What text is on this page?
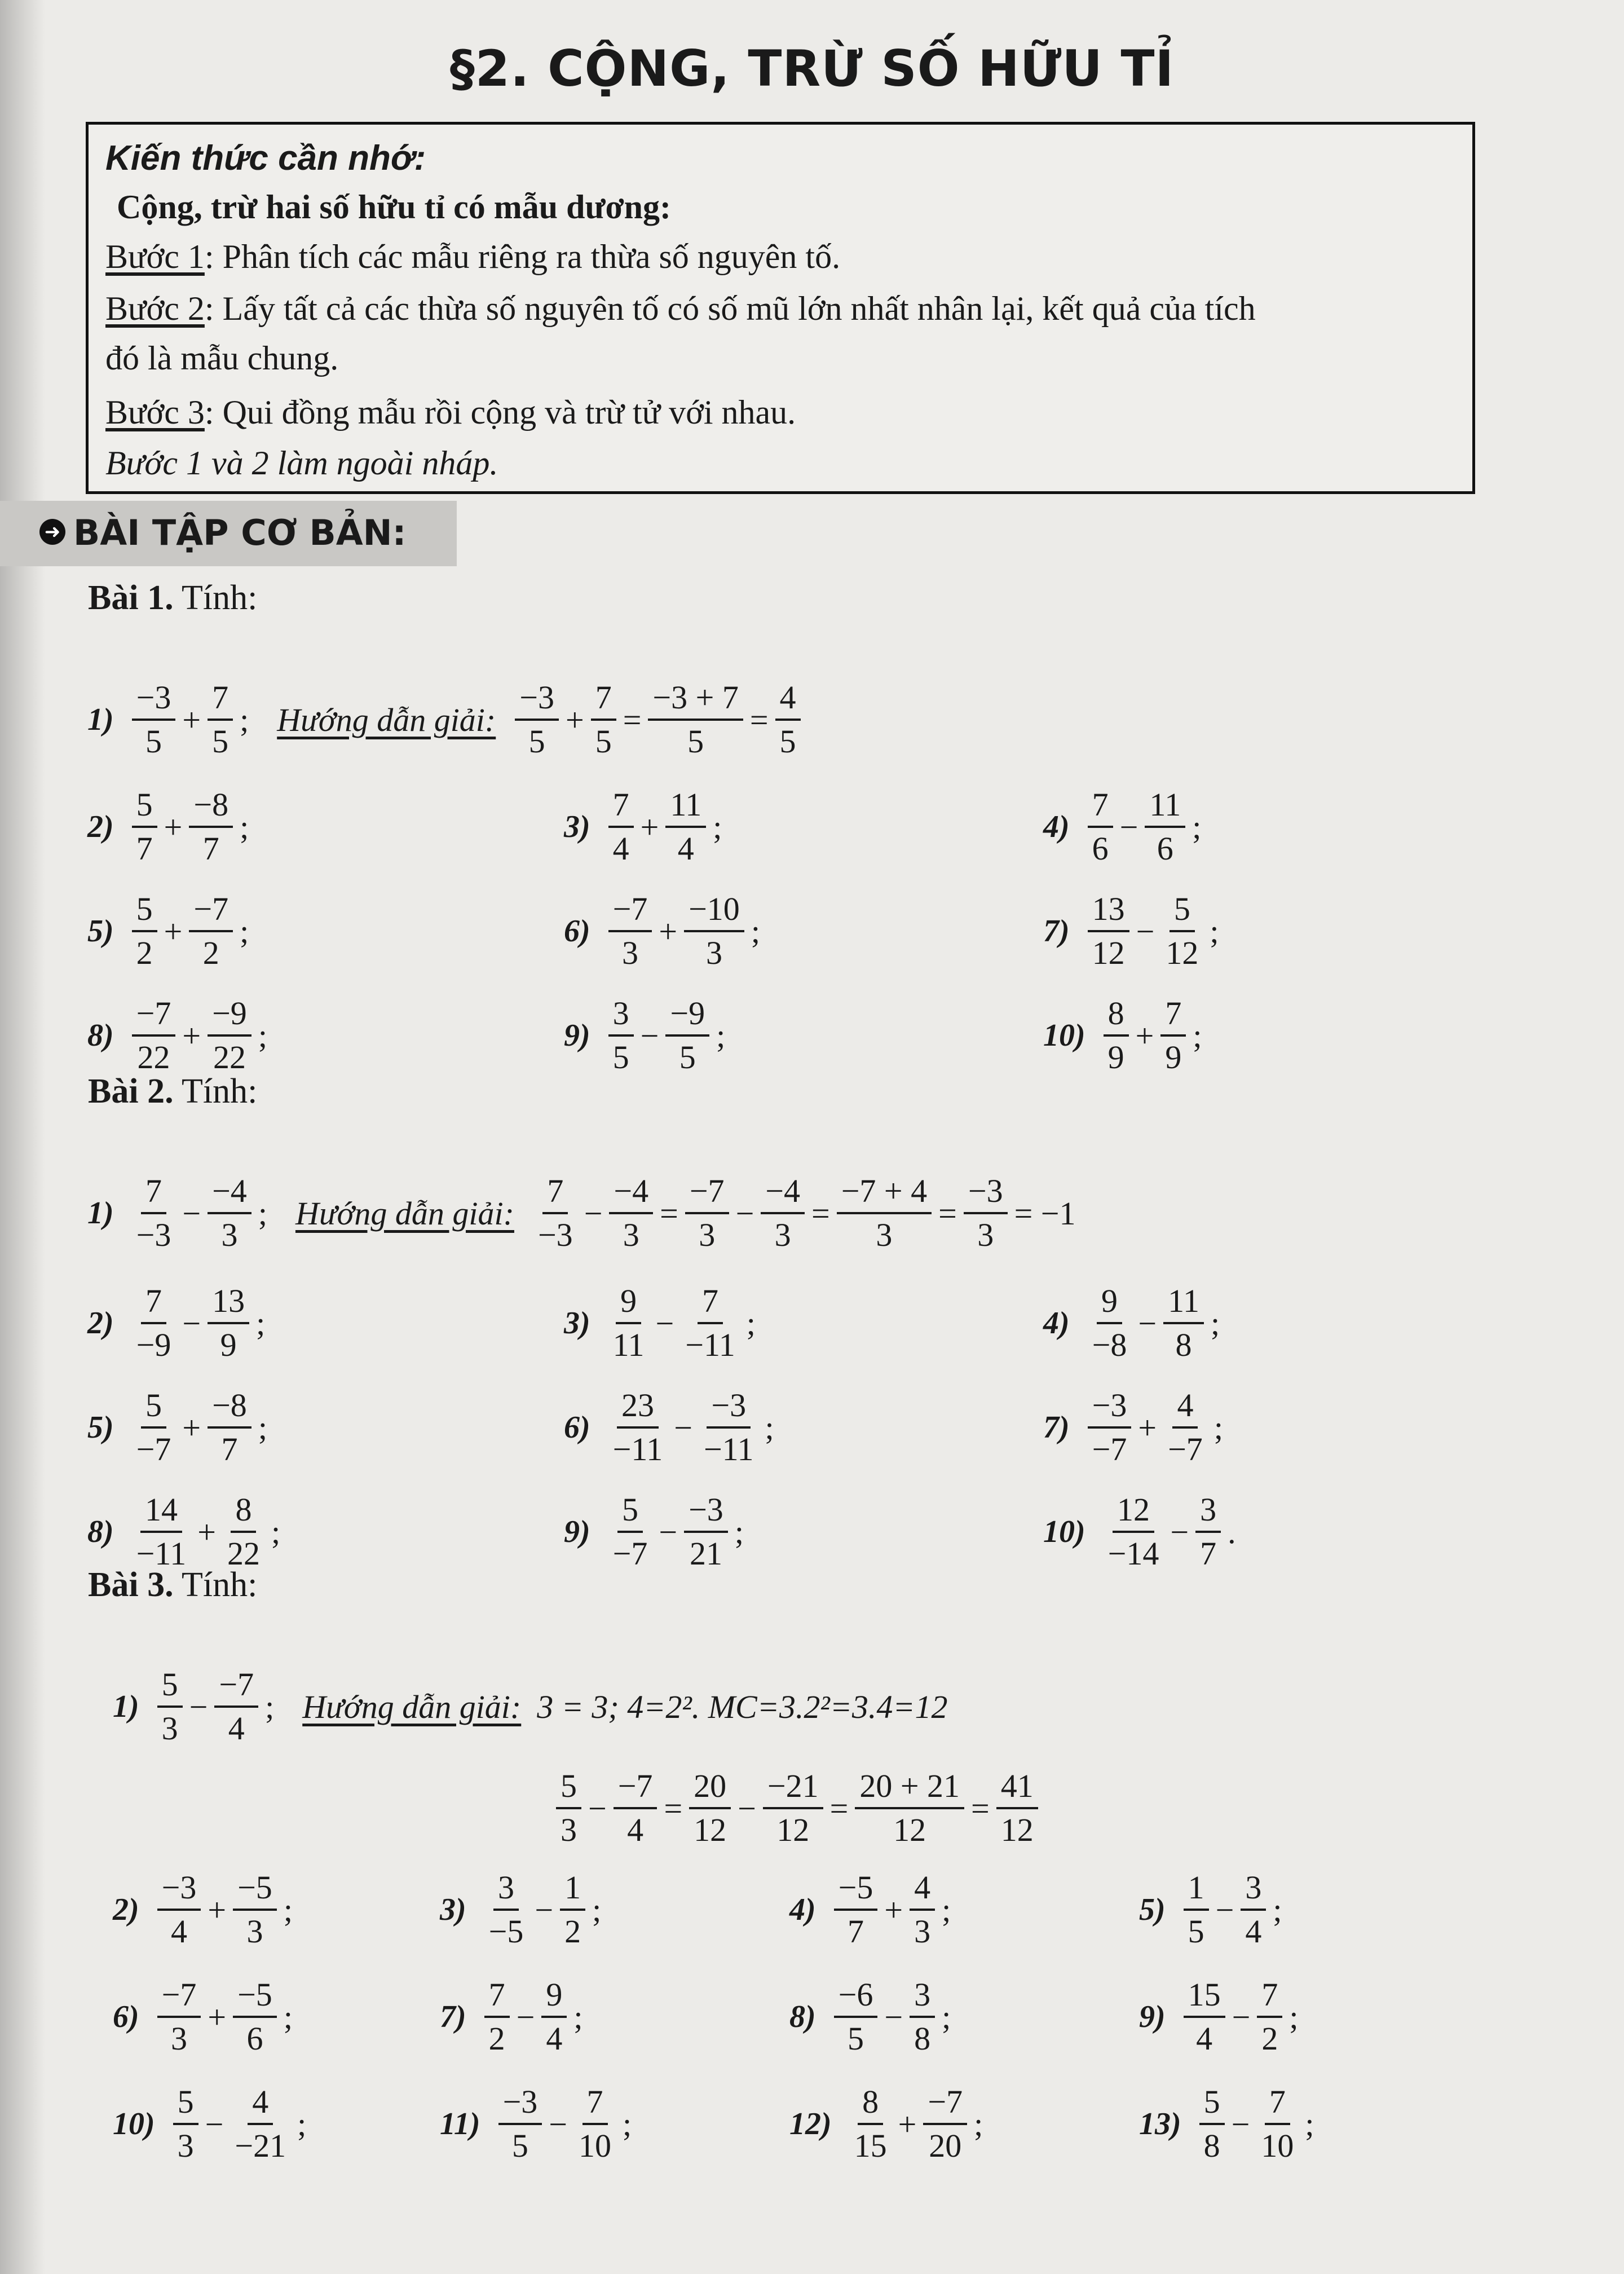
§2. CỘNG, TRỪ SỐ HỮU TỈ
Kiến thức cần nhớ:
Cộng, trừ hai số hữu tỉ có mẫu dương:
Bước 1: Phân tích các mẫu riêng ra thừa số nguyên tố.
Bước 2: Lấy tất cả các thừa số nguyên tố có số mũ lớn nhất nhân lại, kết quả của tích
đó là mẫu chung.
Bước 3: Qui đồng mẫu rồi cộng và trừ tử với nhau.
Bước 1 và 2 làm ngoài nháp.
➜ BÀI TẬP CƠ BẢN:
Bài 1. Tính:
Bài 2. Tính:
Bài 3. Tính:
$1) \frac{-3}{5} + \frac{7}{5}$ ; Hướng dẫn giải: $\frac{-3}{5} + \frac{7}{5} = \frac{-3 + 7}{5} = \frac{4}{5}$
$2) \frac{5}{7} + \frac{-8}{7}$ ;	$3) \frac{7}{4} + \frac{11}{4}$ ;	$4) \frac{7}{6} - \frac{11}{6}$ ;
$5) \frac{5}{2} + \frac{-7}{2}$ ;	$6) \frac{-7}{3} + \frac{-10}{3}$ ;	$7) \frac{13}{12} - \frac{5}{12}$ ;
$8) \frac{-7}{22} + \frac{-9}{22}$ ;	$9) \frac{3}{5} - \frac{-9}{5}$ ;	$10) \frac{8}{9} + \frac{7}{9}$ ;
$1) \frac{7}{-3} - \frac{-4}{3}$ ; Hướng dẫn giải: $\frac{7}{-3} - \frac{-4}{3} = \frac{-7}{3} - \frac{-4}{3} = \frac{-7 + 4}{3} = \frac{-3}{3} = -1$
$2) \frac{7}{-9} - \frac{13}{9}$ ;	$3) \frac{9}{11} - \frac{7}{-11}$ ;	$4) \frac{9}{-8} - \frac{11}{8}$ ;
$5) \frac{5}{-7} + \frac{-8}{7}$ ;	$6) \frac{23}{-11} - \frac{-3}{-11}$ ;	$7) \frac{-3}{-7} + \frac{4}{-7}$ ;
$8) \frac{14}{-11} + \frac{8}{22}$ ;	$9) \frac{5}{-7} - \frac{-3}{21}$ ;	$10) \frac{12}{-14} - \frac{3}{7}$ .
$1) \frac{5}{3} - \frac{-7}{4}$ ; Hướng dẫn giải: 3 = 3; 4=2². MC=3.2²=3.4=12
$2) \frac{-3}{4} + \frac{-5}{3}$ ;	$3) \frac{3}{-5} - \frac{1}{2}$ ;	$4) \frac{-5}{7} + \frac{4}{3}$ ;	$5) \frac{1}{5} - \frac{3}{4}$ ;
$6) \frac{-7}{3} + \frac{-5}{6}$ ;	$7) \frac{7}{2} - \frac{9}{4}$ ;	$8) \frac{-6}{5} - \frac{3}{8}$ ;	$9) \frac{15}{4} - \frac{7}{2}$ ;
$10) \frac{5}{3} - \frac{4}{-21}$ ;	$11) \frac{-3}{5} - \frac{7}{10}$ ;	$12) \frac{8}{15} + \frac{-7}{20}$ ;	$13) \frac{5}{8} - \frac{7}{10}$ ;
$\frac{5}{3} - \frac{-7}{4} = \frac{20}{12} - \frac{-21}{12} = \frac{20 + 21}{12} = \frac{41}{12}$
